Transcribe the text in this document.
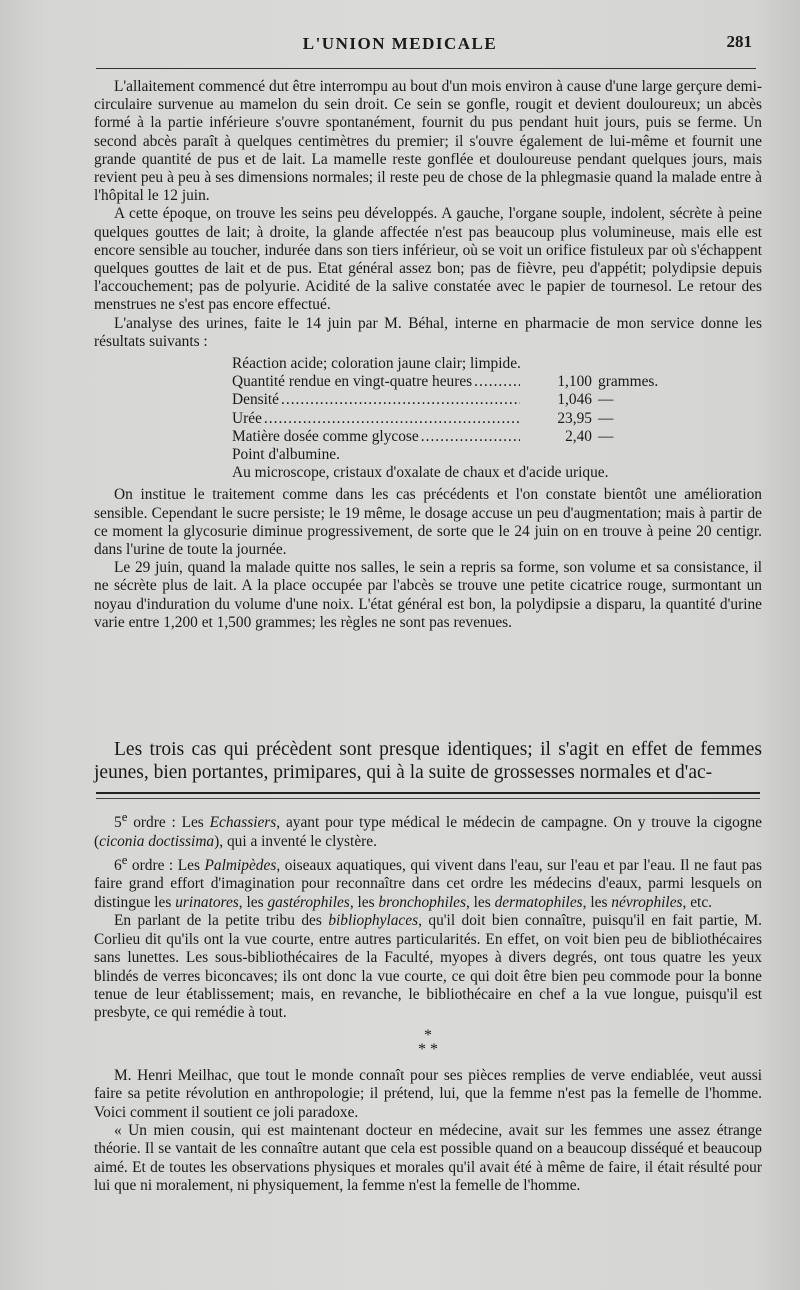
L'UNION MEDICALE	281

L'allaitement commencé dut être interrompu au bout d'un mois environ à cause d'une large gerçure demi-circulaire survenue au mamelon du sein droit. Ce sein se gonfle, rougit et devient douloureux; un abcès formé à la partie inférieure s'ouvre spontanément, fournit du pus pendant huit jours, puis se ferme. Un second abcès paraît à quelques centimètres du premier; il s'ouvre également de lui-même et fournit une grande quantité de pus et de lait. La mamelle reste gonflée et douloureuse pendant quelques jours, mais revient peu à peu à ses dimensions normales; il reste peu de chose de la phlegmasie quand la malade entre à l'hôpital le 12 juin.

A cette époque, on trouve les seins peu développés. A gauche, l'organe souple, indolent, sécrète à peine quelques gouttes de lait; à droite, la glande affectée n'est pas beaucoup plus volumineuse, mais elle est encore sensible au toucher, indurée dans son tiers inférieur, où se voit un orifice fistuleux par où s'échappent quelques gouttes de lait et de pus. Etat général assez bon; pas de fièvre, peu d'appétit; polydipsie depuis l'accouchement; pas de polyurie. Acidité de la salive constatée avec le papier de tournesol. Le retour des menstrues ne s'est pas encore effectué.

L'analyse des urines, faite le 14 juin par M. Béhal, interne en pharmacie de mon service donne les résultats suivants :

Réaction acide; coloration jaune clair; limpide.
Quantité rendue en vingt-quatre heures .....	1,100 grammes.
Densité .....	1,046 —
Urée .....	23,95 —
Matière dosée comme glycose .....	2,40 —
Point d'albumine.
Au microscope, cristaux d'oxalate de chaux et d'acide urique.

On institue le traitement comme dans les cas précédents et l'on constate bientôt une amélioration sensible. Cependant le sucre persiste; le 19 même, le dosage accuse un peu d'augmentation; mais à partir de ce moment la glycosurie diminue progressivement, de sorte que le 24 juin on en trouve à peine 20 centigr. dans l'urine de toute la journée.

Le 29 juin, quand la malade quitte nos salles, le sein a repris sa forme, son volume et sa consistance, il ne sécrète plus de lait. A la place occupée par l'abcès se trouve une petite cicatrice rouge, surmontant un noyau d'induration du volume d'une noix. L'état général est bon, la polydipsie a disparu, la quantité d'urine varie entre 1,200 et 1,500 grammes; les règles ne sont pas revenues.

Les trois cas qui précèdent sont presque identiques; il s'agit en effet de femmes jeunes, bien portantes, primipares, qui à la suite de grossesses normales et d'ac-

5e ordre : Les Echassiers, ayant pour type médical le médecin de campagne. On y trouve la cigogne (ciconia doctissima), qui a inventé le clystère.

6e ordre : Les Palmipèdes, oiseaux aquatiques, qui vivent dans l'eau, sur l'eau et par l'eau. Il ne faut pas faire grand effort d'imagination pour reconnaître dans cet ordre les médecins d'eaux, parmi lesquels on distingue les urinatores, les gastérophiles, les bronchophiles, les dermatophiles, les névrophiles, etc.

En parlant de la petite tribu des bibliophylaces, qu'il doit bien connaître, puisqu'il en fait partie, M. Corlieu dit qu'ils ont la vue courte, entre autres particularités. En effet, on voit bien peu de bibliothécaires sans lunettes. Les sous-bibliothécaires de la Faculté, myopes à divers degrés, ont tous quatre les yeux blindés de verres biconcaves; ils ont donc la vue courte, ce qui doit être bien peu commode pour la bonne tenue de leur établissement; mais, en revanche, le bibliothécaire en chef a la vue longue, puisqu'il est presbyte, ce qui remédie à tout.

*
* *

M. Henri Meilhac, que tout le monde connaît pour ses pièces remplies de verve endiablée, veut aussi faire sa petite révolution en anthropologie; il prétend, lui, que la femme n'est pas la femelle de l'homme. Voici comment il soutient ce joli paradoxe.

« Un mien cousin, qui est maintenant docteur en médecine, avait sur les femmes une assez étrange théorie. Il se vantait de les connaître autant que cela est possible quand on a beaucoup disséqué et beaucoup aimé. Et de toutes les observations physiques et morales qu'il avait été à même de faire, il était résulté pour lui que ni moralement, ni physiquement, la femme n'est la femelle de l'homme.
